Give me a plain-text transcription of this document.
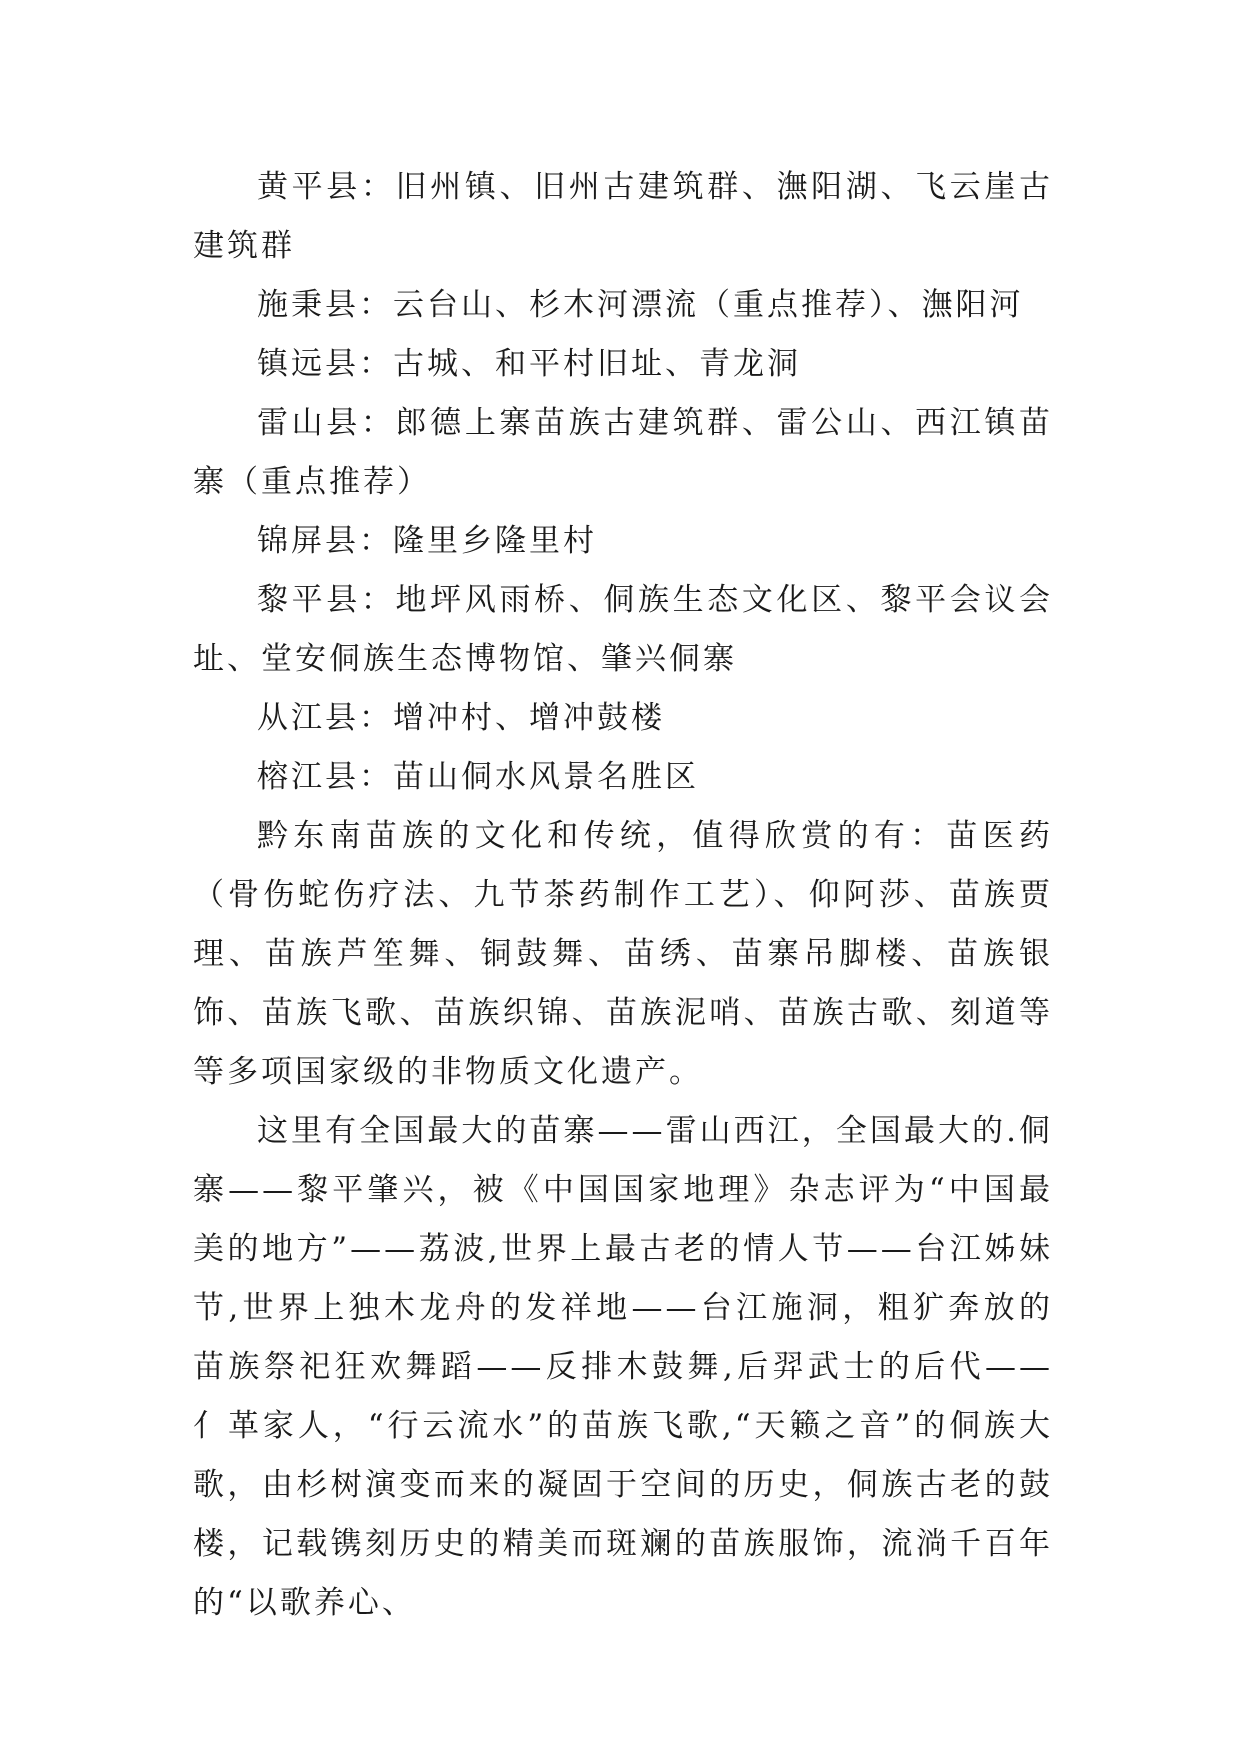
黄平县：旧州镇、旧州古建筑群、潕阳湖、飞云崖古建筑群

施秉县：云台山、杉木河漂流（重点推荐）、潕阳河

镇远县：古城、和平村旧址、青龙洞

雷山县：郎德上寨苗族古建筑群、雷公山、西江镇苗寨（重点推荐）

锦屏县：隆里乡隆里村

黎平县：地坪风雨桥、侗族生态文化区、黎平会议会址、堂安侗族生态博物馆、肇兴侗寨

从江县：增冲村、增冲鼓楼

榕江县：苗山侗水风景名胜区

黔东南苗族的文化和传统，值得欣赏的有：苗医药（骨伤蛇伤疗法、九节茶药制作工艺）、仰阿莎、苗族贾理、苗族芦笙舞、铜鼓舞、苗绣、苗寨吊脚楼、苗族银饰、苗族飞歌、苗族织锦、苗族泥哨、苗族古歌、刻道等等多项国家级的非物质文化遗产。

这里有全国最大的苗寨——雷山西江，全国最大的.侗寨——黎平肇兴，被《中国国家地理》杂志评为“中国最美的地方”——荔波,世界上最古老的情人节——台江姊妹节,世界上独木龙舟的发祥地——台江施洞，粗犷奔放的苗族祭祀狂欢舞蹈——反排木鼓舞,后羿武士的后代——亻革家人，“行云流水”的苗族飞歌,“天籁之音”的侗族大歌，由杉树演变而来的凝固于空间的历史，侗族古老的鼓楼，记载镌刻历史的精美而斑斓的苗族服饰，流淌千百年的“以歌养心、
